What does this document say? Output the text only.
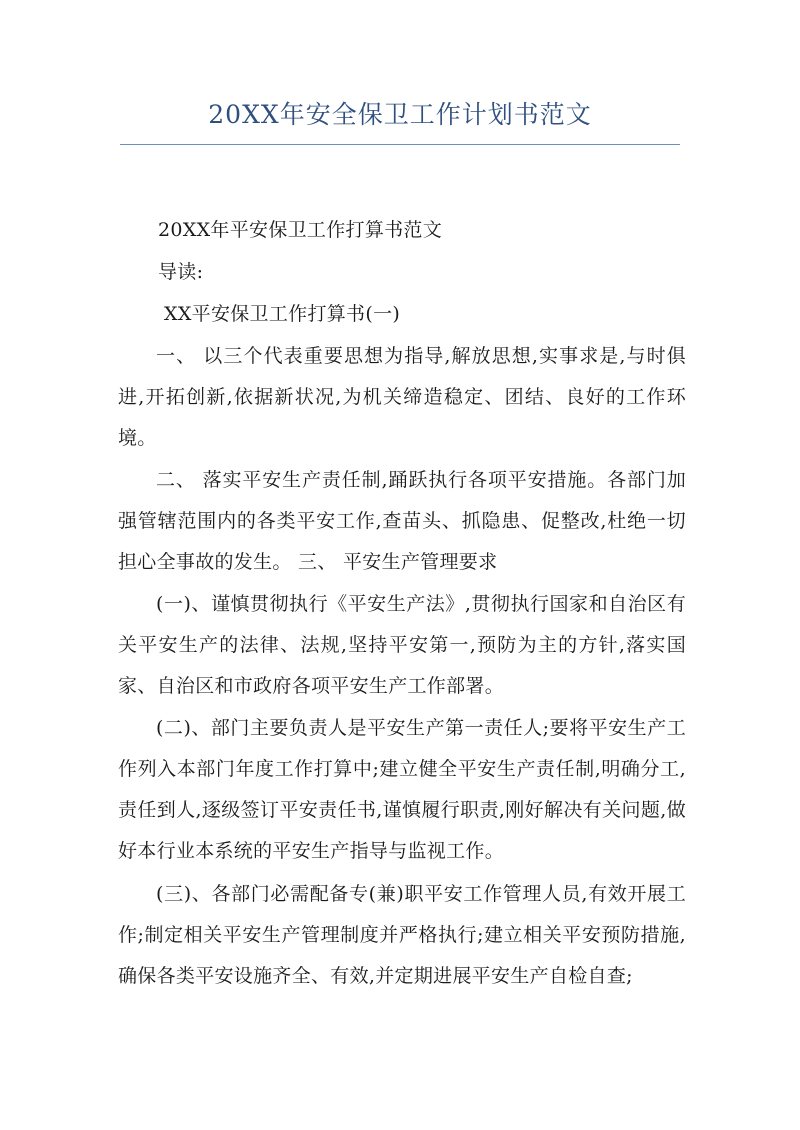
20XX年安全保卫工作计划书范文
20XX年平安保卫工作打算书范文
导读:
XX平安保卫工作打算书(一)
一、 以三个代表重要思想为指导,解放思想,实事求是,与时俱进,开拓创新,依据新状况,为机关缔造稳定、团结、良好的工作环境。
二、 落实平安生产责任制,踊跃执行各项平安措施。各部门加强管辖范围内的各类平安工作,查苗头、抓隐患、促整改,杜绝一切担心全事故的发生。 三、 平安生产管理要求
(一)、谨慎贯彻执行《平安生产法》,贯彻执行国家和自治区有关平安生产的法律、法规,坚持平安第一,预防为主的方针,落实国家、自治区和市政府各项平安生产工作部署。
(二)、部门主要负责人是平安生产第一责任人;要将平安生产工作列入本部门年度工作打算中;建立健全平安生产责任制,明确分工,责任到人,逐级签订平安责任书,谨慎履行职责,刚好解决有关问题,做好本行业本系统的平安生产指导与监视工作。
(三)、各部门必需配备专(兼)职平安工作管理人员,有效开展工作;制定相关平安生产管理制度并严格执行;建立相关平安预防措施,确保各类平安设施齐全、有效,并定期进展平安生产自检自查;
